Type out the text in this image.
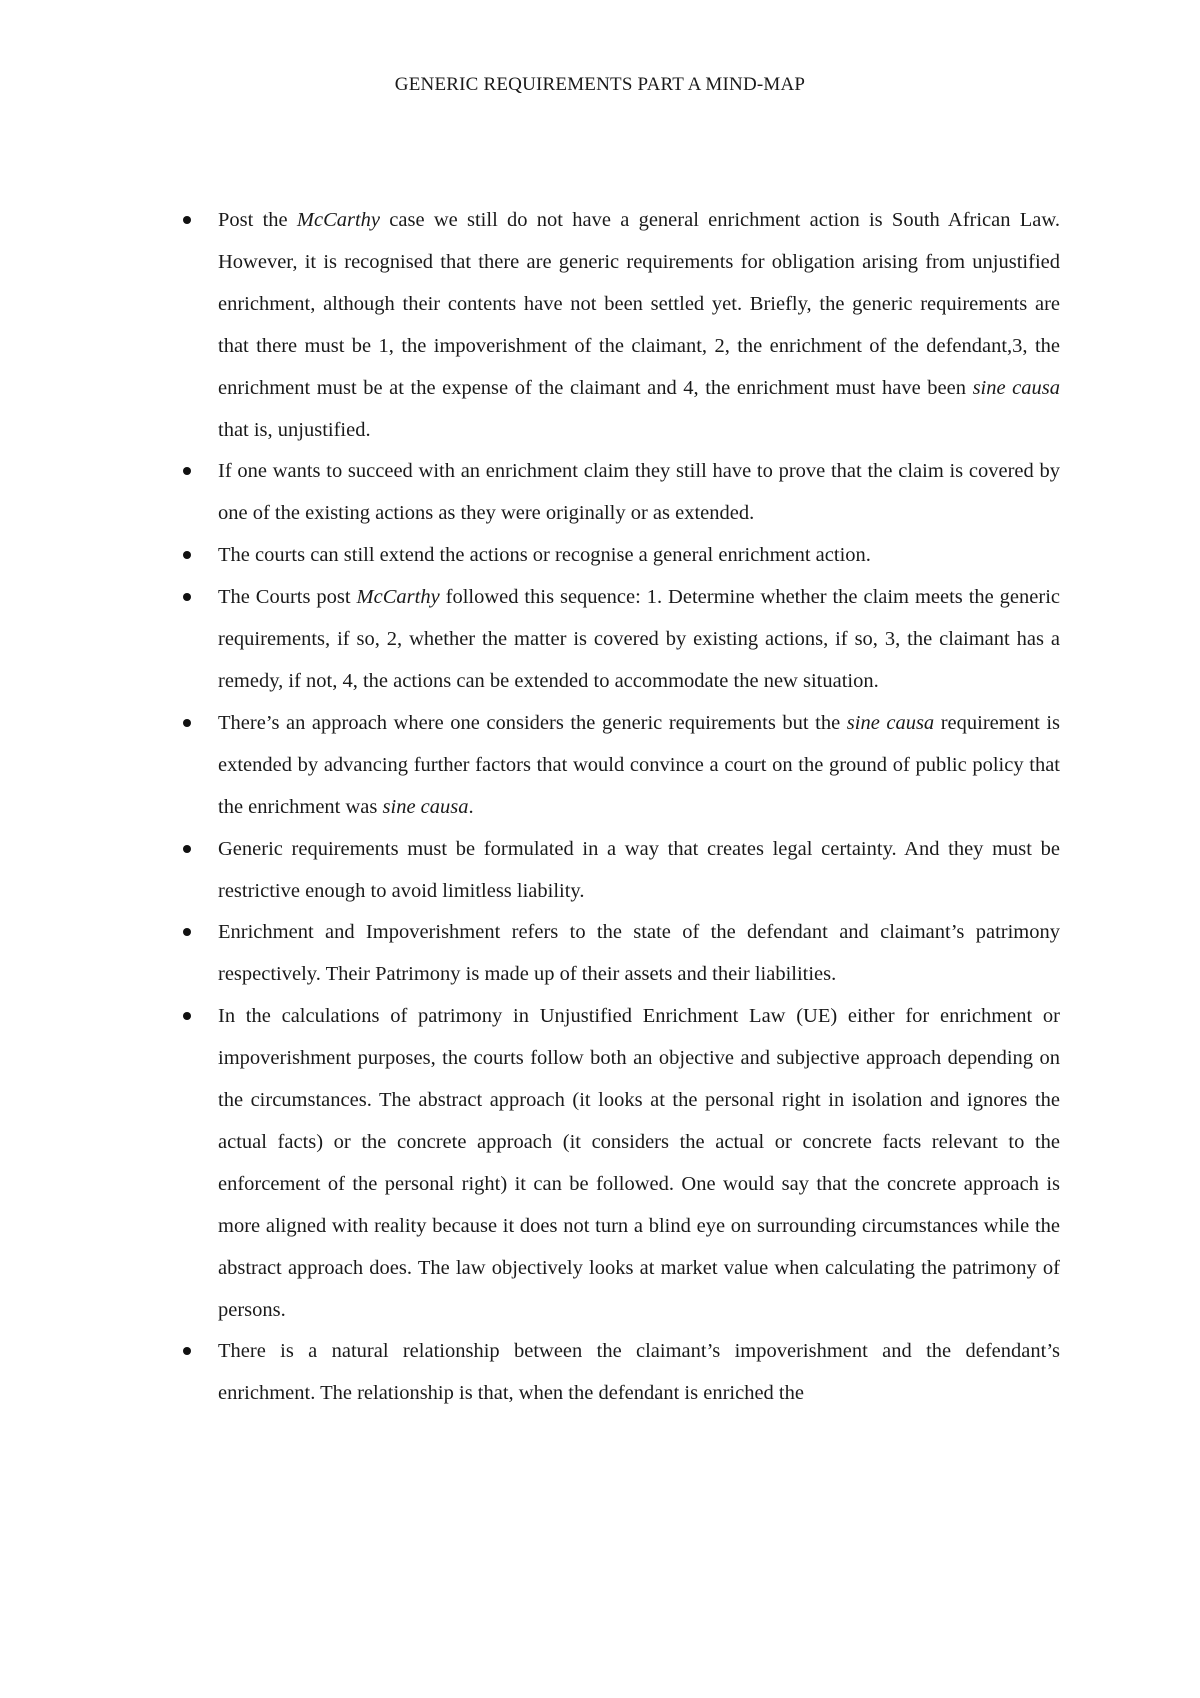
GENERIC REQUIREMENTS PART A MIND-MAP
Post the McCarthy case we still do not have a general enrichment action is South African Law. However, it is recognised that there are generic requirements for obligation arising from unjustified enrichment, although their contents have not been settled yet. Briefly, the generic requirements are that there must be 1, the impoverishment of the claimant, 2, the enrichment of the defendant,3, the enrichment must be at the expense of the claimant and 4, the enrichment must have been sine causa that is, unjustified.
If one wants to succeed with an enrichment claim they still have to prove that the claim is covered by one of the existing actions as they were originally or as extended.
The courts can still extend the actions or recognise a general enrichment action.
The Courts post McCarthy followed this sequence: 1. Determine whether the claim meets the generic requirements, if so, 2, whether the matter is covered by existing actions, if so, 3, the claimant has a remedy, if not, 4, the actions can be extended to accommodate the new situation.
There’s an approach where one considers the generic requirements but the sine causa requirement is extended by advancing further factors that would convince a court on the ground of public policy that the enrichment was sine causa.
Generic requirements must be formulated in a way that creates legal certainty. And they must be restrictive enough to avoid limitless liability.
Enrichment and Impoverishment refers to the state of the defendant and claimant’s patrimony respectively. Their Patrimony is made up of their assets and their liabilities.
In the calculations of patrimony in Unjustified Enrichment Law (UE) either for enrichment or impoverishment purposes, the courts follow both an objective and subjective approach depending on the circumstances. The abstract approach (it looks at the personal right in isolation and ignores the actual facts) or the concrete approach (it considers the actual or concrete facts relevant to the enforcement of the personal right) it can be followed. One would say that the concrete approach is more aligned with reality because it does not turn a blind eye on surrounding circumstances while the abstract approach does. The law objectively looks at market value when calculating the patrimony of persons.
There is a natural relationship between the claimant’s impoverishment and the defendant’s enrichment. The relationship is that, when the defendant is enriched the
